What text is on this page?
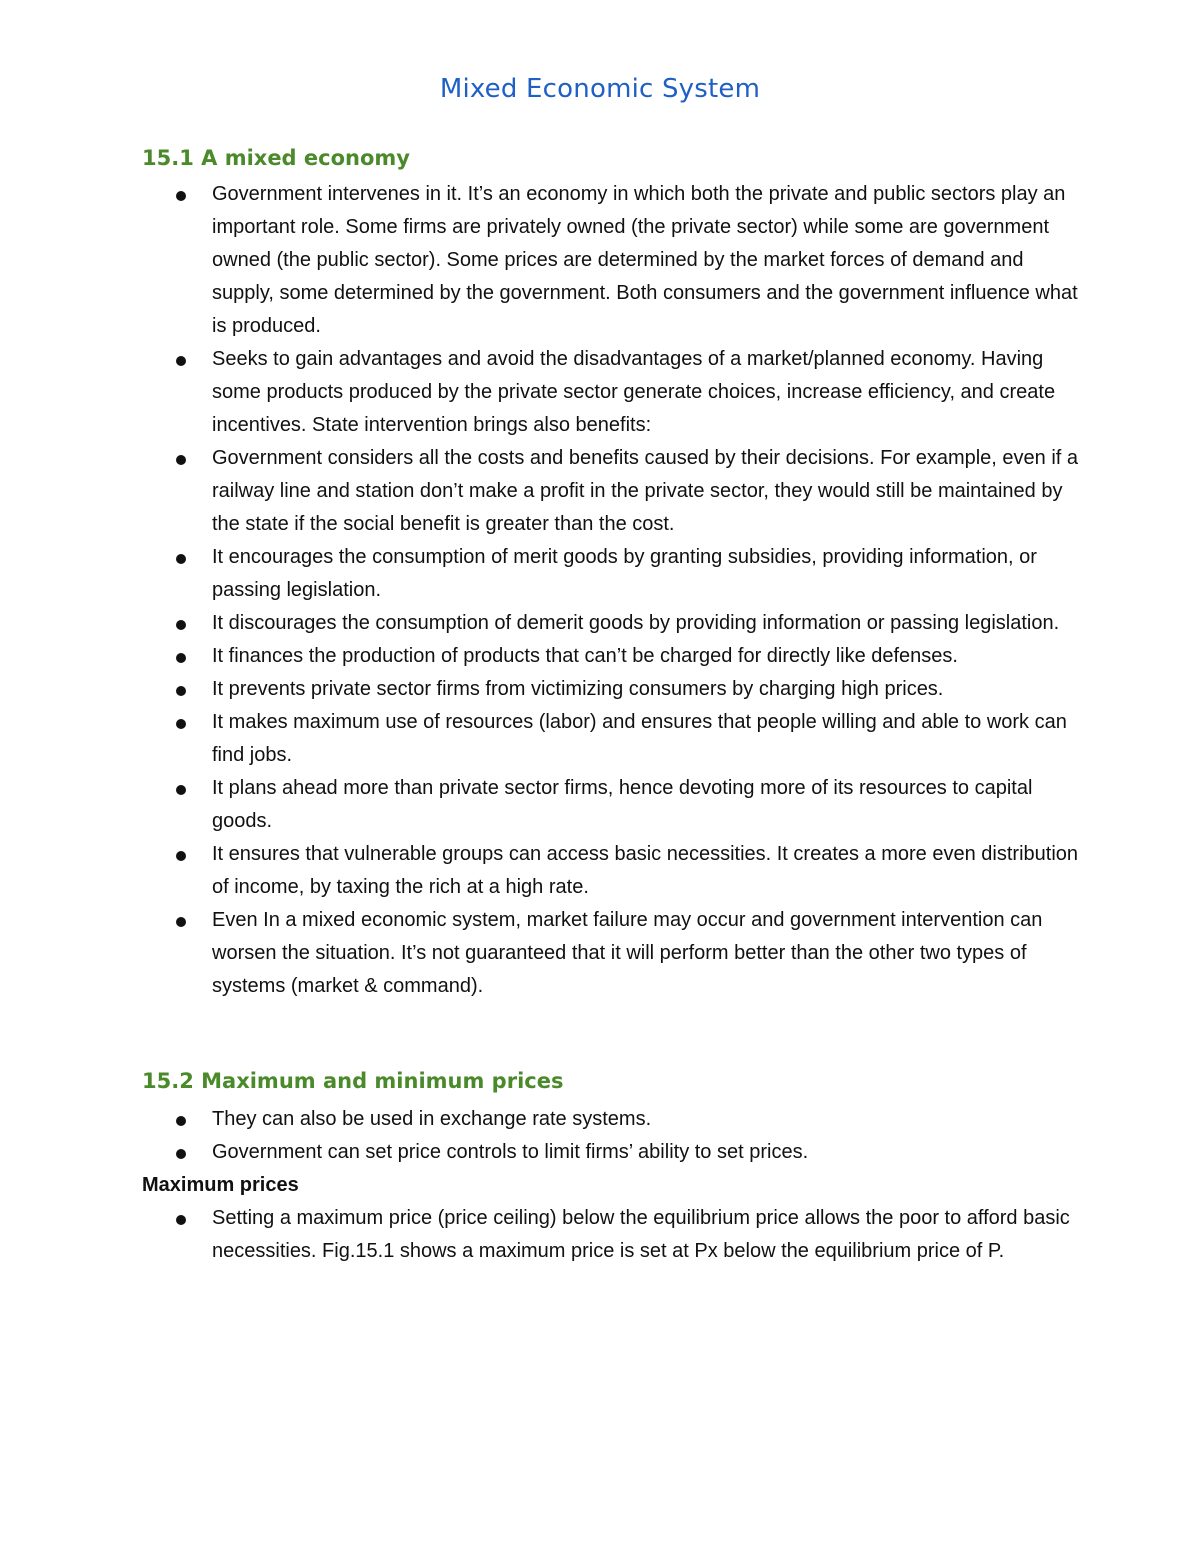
Mixed Economic System
15.1 A mixed economy
Government intervenes in it. It’s an economy in which both the private and public sectors play an important role. Some firms are privately owned (the private sector) while some are government owned (the public sector). Some prices are determined by the market forces of demand and supply, some determined by the government. Both consumers and the government influence what is produced.
Seeks to gain advantages and avoid the disadvantages of a market/planned economy. Having some products produced by the private sector generate choices, increase efficiency, and create incentives. State intervention brings also benefits:
Government considers all the costs and benefits caused by their decisions. For example, even if a railway line and station don’t make a profit in the private sector, they would still be maintained by the state if the social benefit is greater than the cost.
It encourages the consumption of merit goods by granting subsidies, providing information, or passing legislation.
It discourages the consumption of demerit goods by providing information or passing legislation.
It finances the production of products that can’t be charged for directly like defenses.
It prevents private sector firms from victimizing consumers by charging high prices.
It makes maximum use of resources (labor) and ensures that people willing and able to work can find jobs.
It plans ahead more than private sector firms, hence devoting more of its resources to capital goods.
It ensures that vulnerable groups can access basic necessities. It creates a more even distribution of income, by taxing the rich at a high rate.
Even In a mixed economic system, market failure may occur and government intervention can worsen the situation. It’s not guaranteed that it will perform better than the other two types of systems (market & command).
15.2 Maximum and minimum prices
They can also be used in exchange rate systems.
Government can set price controls to limit firms’ ability to set prices.
Maximum prices
Setting a maximum price (price ceiling) below the equilibrium price allows the poor to afford basic necessities. Fig.15.1 shows a maximum price is set at Px below the equilibrium price of P.
